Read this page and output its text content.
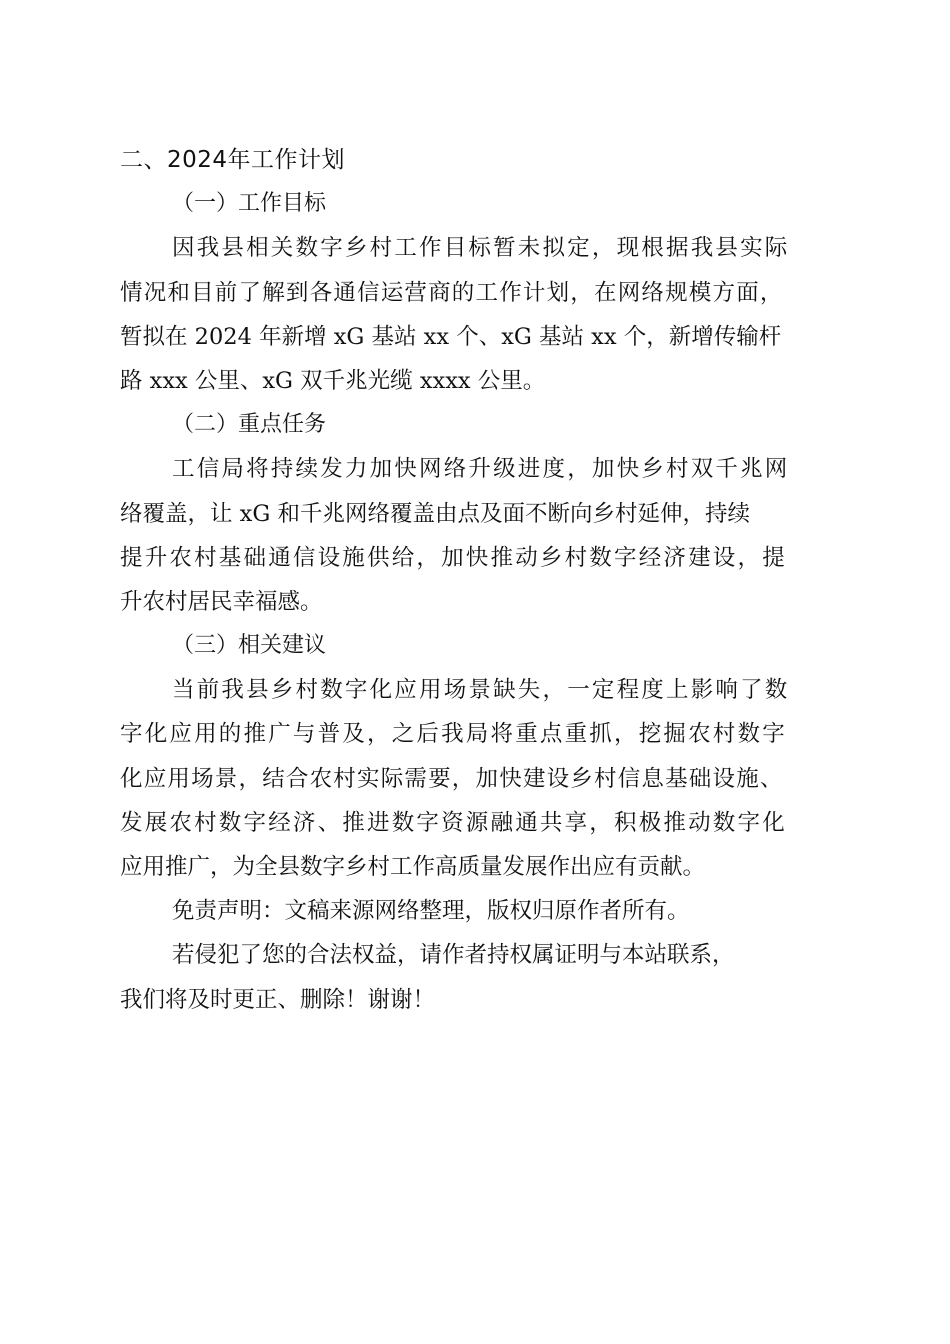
二、2024年工作计划
（一）工作目标
因我县相关数字乡村工作目标暂未拟定，现根据我县实际
情况和目前了解到各通信运营商的工作计划，在网络规模方面，
暂拟在 2024 年新增 xG 基站 xx 个、xG 基站 xx 个，新增传输杆
路 xxx 公里、xG 双千兆光缆 xxxx 公里。
（二）重点任务
工信局将持续发力加快网络升级进度，加快乡村双千兆网
络覆盖，让 xG 和千兆网络覆盖由点及面不断向乡村延伸，持续
提升农村基础通信设施供给，加快推动乡村数字经济建设，提
升农村居民幸福感。
（三）相关建议
当前我县乡村数字化应用场景缺失，一定程度上影响了数
字化应用的推广与普及，之后我局将重点重抓，挖掘农村数字
化应用场景，结合农村实际需要，加快建设乡村信息基础设施、
发展农村数字经济、推进数字资源融通共享，积极推动数字化
应用推广，为全县数字乡村工作高质量发展作出应有贡献。
免责声明：文稿来源网络整理，版权归原作者所有。
若侵犯了您的合法权益，请作者持权属证明与本站联系，
我们将及时更正、删除！谢谢！
